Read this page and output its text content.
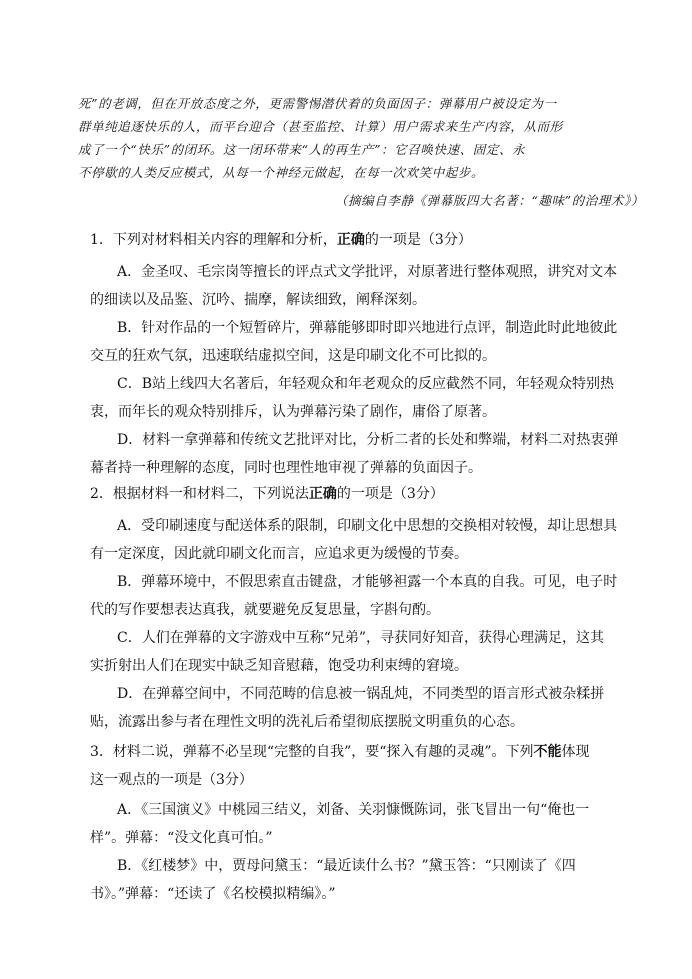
死”的老调，但在开放态度之外，更需警惕潜伏着的负面因子：弹幕用户被设定为一
群单纯追逐快乐的人，而平台迎合（甚至监控、计算）用户需求来生产内容，从而形
成了一个“快乐”的闭环。这一闭环带来“人的再生产”：它召唤快速、固定、永
不停歇的人类反应模式，从每一个神经元做起，在每一次欢笑中起步。
（摘编自李静《弹幕版四大名著：“趣味”的治理术》）
1．下列对材料相关内容的理解和分析，正确的一项是（3分）
A．金圣叹、毛宗岗等擅长的评点式文学批评，对原著进行整体观照，讲究对文本
的细读以及品鉴、沉吟、揣摩，解读细致，阐释深刻。
B．针对作品的一个短暂碎片，弹幕能够即时即兴地进行点评，制造此时此地彼此
交互的狂欢气氛，迅速联结虚拟空间，这是印刷文化不可比拟的。
C．B站上线四大名著后，年轻观众和年老观众的反应截然不同，年轻观众特别热
衷，而年长的观众特别排斥，认为弹幕污染了剧作，庸俗了原著。
D．材料一拿弹幕和传统文艺批评对比，分析二者的长处和弊端，材料二对热衷弹
幕者持一种理解的态度，同时也理性地审视了弹幕的负面因子。
2．根据材料一和材料二，下列说法正确的一项是（3分）
A．受印刷速度与配送体系的限制，印刷文化中思想的交换相对较慢，却让思想具
有一定深度，因此就印刷文化而言，应追求更为缓慢的节奏。
B．弹幕环境中，不假思索直击键盘，才能够袒露一个本真的自我。可见，电子时
代的写作要想表达真我，就要避免反复思量，字斟句酌。
C．人们在弹幕的文字游戏中互称“兄弟”，寻获同好知音，获得心理满足，这其
实折射出人们在现实中缺乏知音慰藉，饱受功利束缚的窘境。
D．在弹幕空间中，不同范畴的信息被一锅乱炖，不同类型的语言形式被杂糅拼
贴，流露出参与者在理性文明的洗礼后希望彻底摆脱文明重负的心态。
3．材料二说，弹幕不必呈现“完整的自我”，要“探入有趣的灵魂”。下列不能体现
这一观点的一项是（3分）
A．《三国演义》中桃园三结义，刘备、关羽慷慨陈词，张飞冒出一句“俺也一
样”。弹幕：“没文化真可怕。”
B．《红楼梦》中，贾母问黛玉：“最近读什么书？”黛玉答：“只刚读了《四
书》。”弹幕：“还读了《名校模拟精编》。”
